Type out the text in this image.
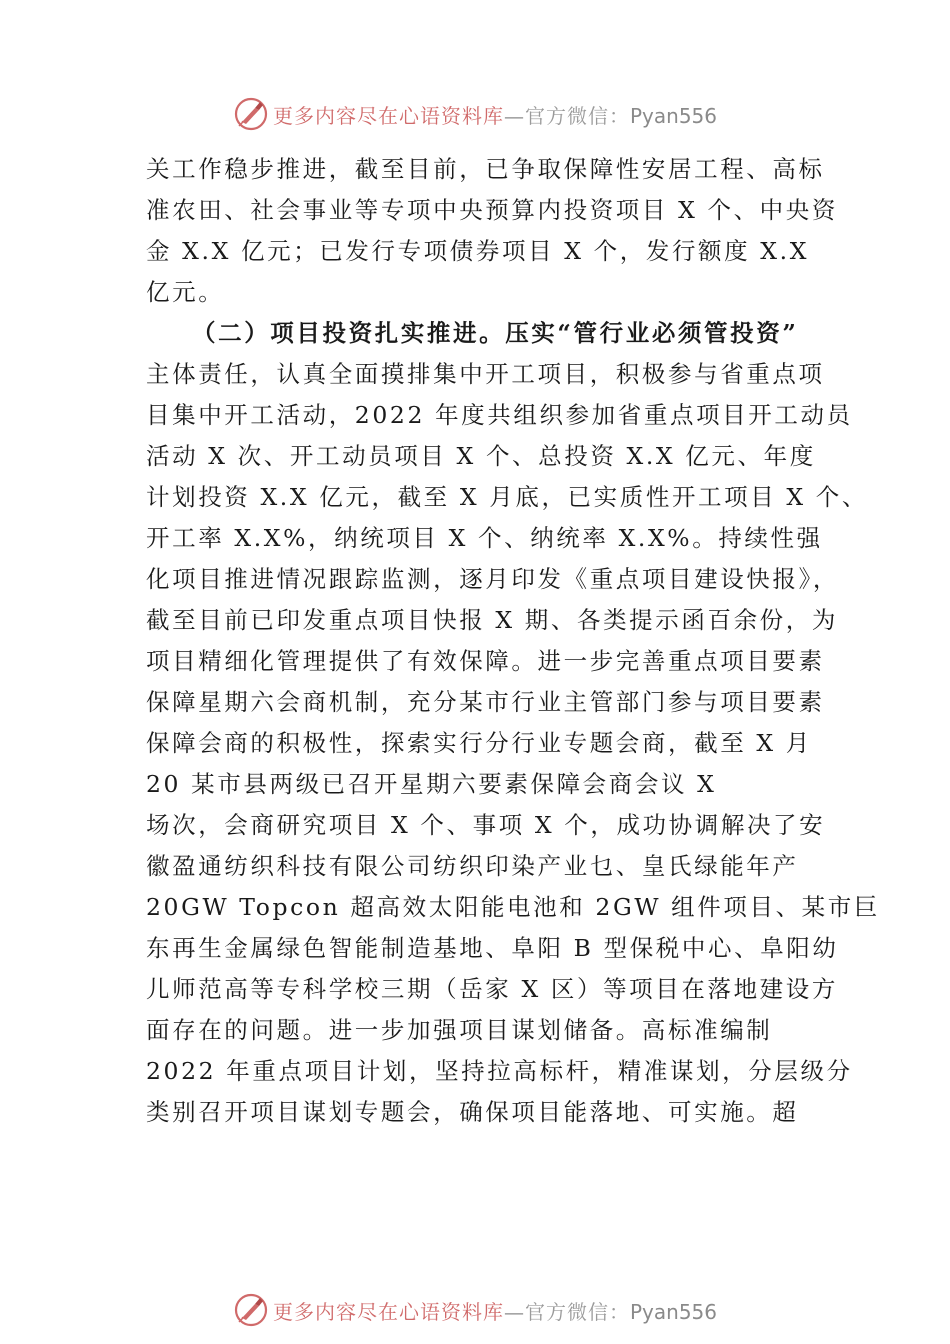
更多内容尽在心语资料库—官方微信：Pyan556
关工作稳步推进，截至目前，已争取保障性安居工程、高标
准农田、社会事业等专项中央预算内投资项目 X 个、中央资
金 X.X 亿元；已发行专项债券项目 X 个，发行额度 X.X
亿元。
（二）项目投资扎实推进。压实“管行业必须管投资”
主体责任，认真全面摸排集中开工项目，积极参与省重点项
目集中开工活动，2022 年度共组织参加省重点项目开工动员
活动 X 次、开工动员项目 X 个、总投资 X.X 亿元、年度
计划投资 X.X 亿元，截至 X 月底，已实质性开工项目 X 个、
开工率 X.X%，纳统项目 X 个、纳统率 X.X%。持续性强
化项目推进情况跟踪监测，逐月印发《重点项目建设快报》，
截至目前已印发重点项目快报 X 期、各类提示函百余份，为
项目精细化管理提供了有效保障。进一步完善重点项目要素
保障星期六会商机制，充分某市行业主管部门参与项目要素
保障会商的积极性，探索实行分行业专题会商，截至 X 月
20 某市县两级已召开星期六要素保障会商会议 X
场次，会商研究项目 X 个、事项 X 个，成功协调解决了安
徽盈通纺织科技有限公司纺织印染产业乜、皇氏绿能年产
20GW Topcon 超高效太阳能电池和 2GW 组件项目、某市巨
东再生金属绿色智能制造基地、阜阳 B 型保税中心、阜阳幼
儿师范高等专科学校三期（岳家 X 区）等项目在落地建设方
面存在的问题。进一步加强项目谋划储备。高标准编制
2022 年重点项目计划，坚持拉高标杆，精准谋划，分层级分
类别召开项目谋划专题会，确保项目能落地、可实施。超
更多内容尽在心语资料库—官方微信：Pyan556
